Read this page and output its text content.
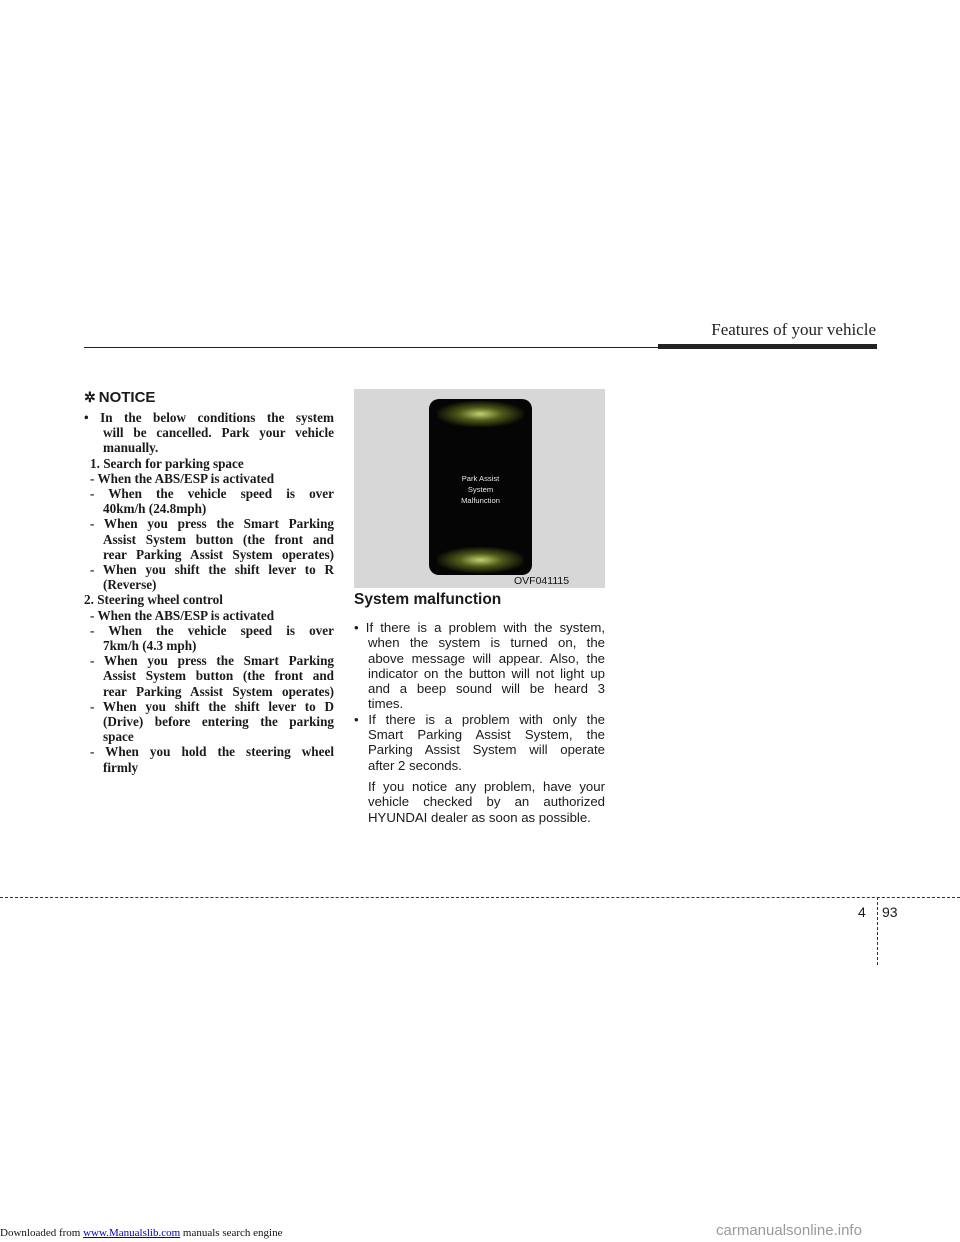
Features of your vehicle
✲ NOTICE
• In the below conditions the system
will be cancelled. Park your vehicle
manually.
1. Search for parking space
- When the ABS/ESP is activated
- When the vehicle speed is over
40km/h (24.8mph)
- When you press the Smart Parking
Assist System button (the front and
rear Parking Assist System operates)
- When you shift the shift lever to R
(Reverse)
2. Steering wheel control
- When the ABS/ESP is activated
- When the vehicle speed is over
7km/h (4.3 mph)
- When you press the Smart Parking
Assist System button (the front and
rear Parking Assist System operates)
- When you shift the shift lever to D
(Drive) before entering the parking
space
- When you hold the steering wheel
firmly
Park Assist
System
Malfunction
OVF041115
System malfunction
• If there is a problem with the system,
when the system is turned on, the
above message will appear. Also, the
indicator on the button will not light up
and a beep sound will be heard 3
times.
• If there is a problem with only the
Smart Parking Assist System, the
Parking Assist System will operate
after 2 seconds.
If you notice any problem, have your
vehicle checked by an authorized
HYUNDAI dealer as soon as possible.
4 93
Downloaded from www.Manualslib.com manuals search engine	carmanualsonline.info
